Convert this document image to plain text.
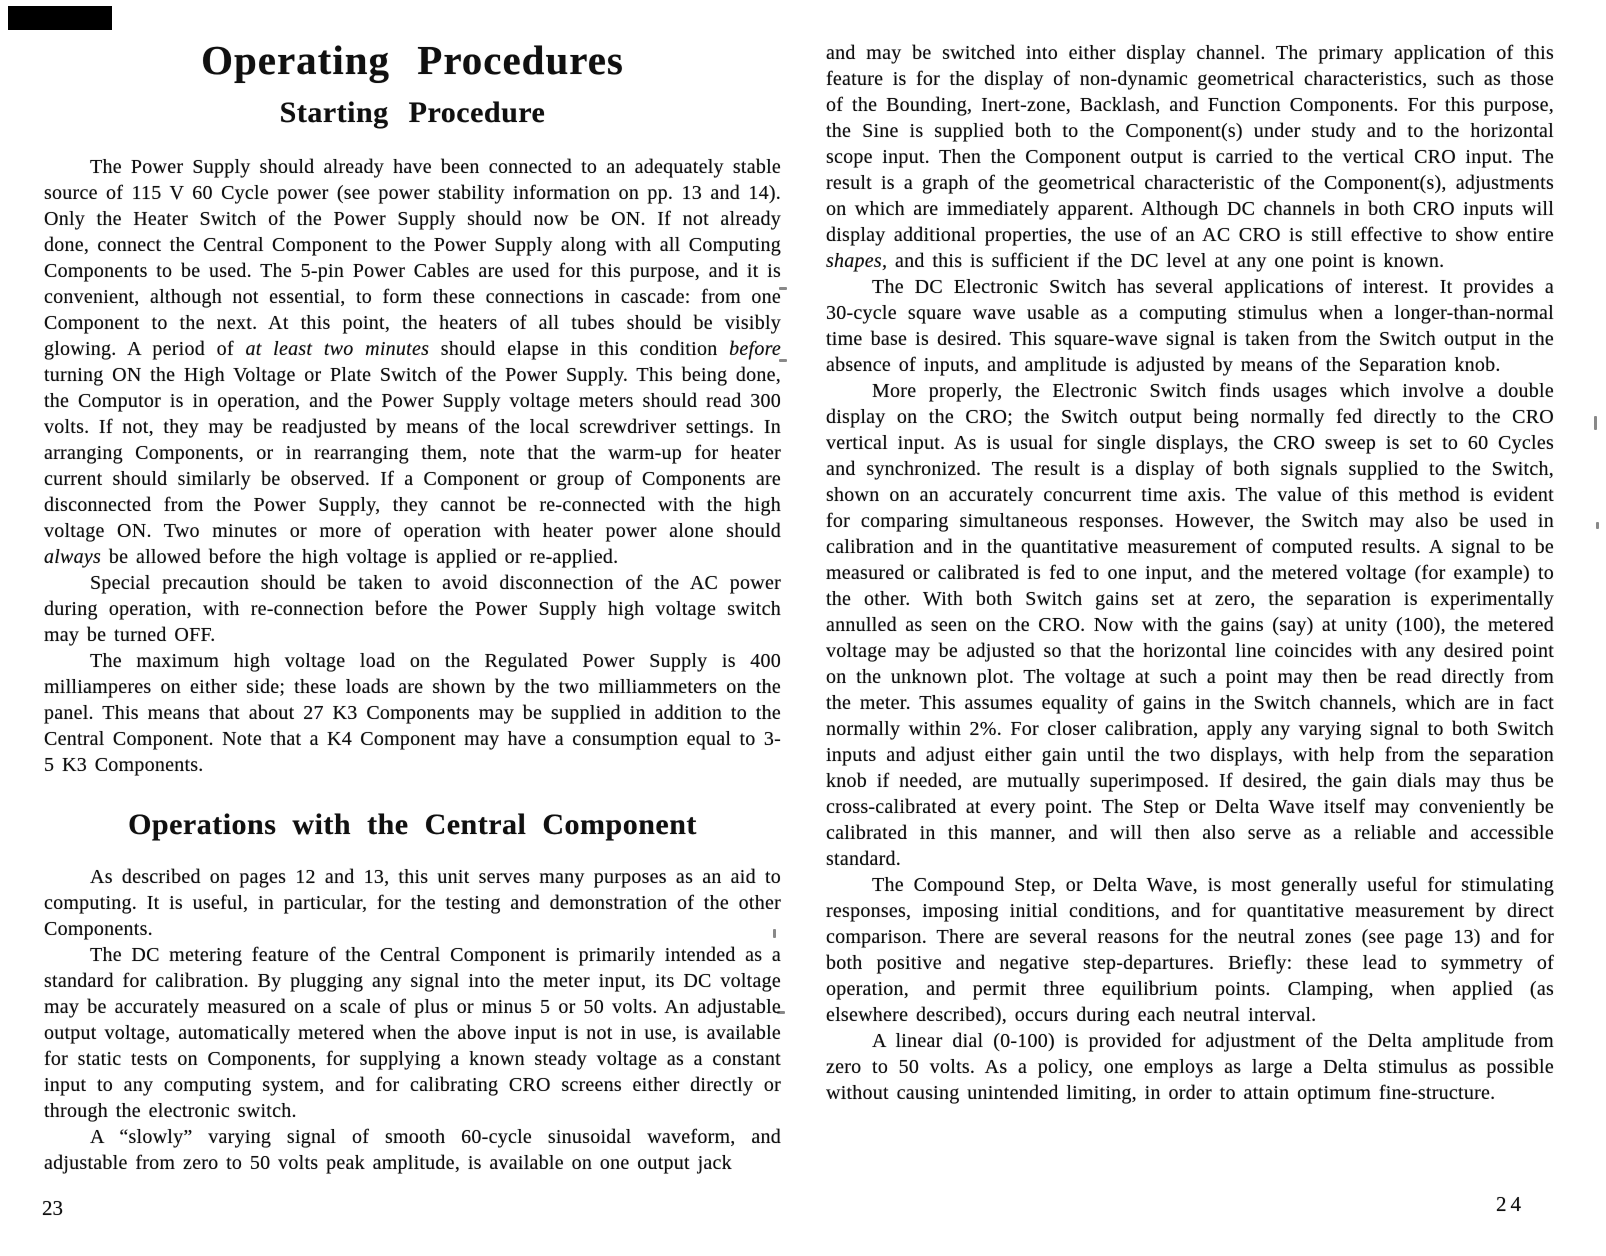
Operating Procedures
Starting Procedure

The Power Supply should already have been connected to an adequately stable source of 115 V 60 Cycle power (see power stability information on pp. 13 and 14). Only the Heater Switch of the Power Supply should now be ON. If not already done, connect the Central Component to the Power Supply along with all Computing Components to be used. The 5-pin Power Cables are used for this purpose, and it is convenient, although not essential, to form these connections in cascade: from one Component to the next. At this point, the heaters of all tubes should be visibly glowing. A period of at least two minutes should elapse in this condition before turning ON the High Voltage or Plate Switch of the Power Supply. This being done, the Computor is in operation, and the Power Supply voltage meters should read 300 volts. If not, they may be readjusted by means of the local screwdriver settings. In arranging Components, or in rearranging them, note that the warm-up for heater current should similarly be observed. If a Component or group of Components are disconnected from the Power Supply, they cannot be re-connected with the high voltage ON. Two minutes or more of operation with heater power alone should always be allowed before the high voltage is applied or re-applied.

Special precaution should be taken to avoid disconnection of the AC power during operation, with re-connection before the Power Supply high voltage switch may be turned OFF.

The maximum high voltage load on the Regulated Power Supply is 400 milliamperes on either side; these loads are shown by the two milliammeters on the panel. This means that about 27 K3 Components may be supplied in addition to the Central Component. Note that a K4 Component may have a consumption equal to 3-5 K3 Components.

Operations with the Central Component

As described on pages 12 and 13, this unit serves many purposes as an aid to computing. It is useful, in particular, for the testing and demonstration of the other Components.

The DC metering feature of the Central Component is primarily intended as a standard for calibration. By plugging any signal into the meter input, its DC voltage may be accurately measured on a scale of plus or minus 5 or 50 volts. An adjustable output voltage, automatically metered when the above input is not in use, is available for static tests on Components, for supplying a known steady voltage as a constant input to any computing system, and for calibrating CRO screens either directly or through the electronic switch.

A “slowly” varying signal of smooth 60-cycle sinusoidal waveform, and adjustable from zero to 50 volts peak amplitude, is available on one output jack

and may be switched into either display channel. The primary application of this feature is for the display of non-dynamic geometrical characteristics, such as those of the Bounding, Inert-zone, Backlash, and Function Components. For this purpose, the Sine is supplied both to the Component(s) under study and to the horizontal scope input. Then the Component output is carried to the vertical CRO input. The result is a graph of the geometrical characteristic of the Component(s), adjustments on which are immediately apparent. Although DC channels in both CRO inputs will display additional properties, the use of an AC CRO is still effective to show entire shapes, and this is sufficient if the DC level at any one point is known.

The DC Electronic Switch has several applications of interest. It provides a 30-cycle square wave usable as a computing stimulus when a longer-than-normal time base is desired. This square-wave signal is taken from the Switch output in the absence of inputs, and amplitude is adjusted by means of the Separation knob.

More properly, the Electronic Switch finds usages which involve a double display on the CRO; the Switch output being normally fed directly to the CRO vertical input. As is usual for single displays, the CRO sweep is set to 60 Cycles and synchronized. The result is a display of both signals supplied to the Switch, shown on an accurately concurrent time axis. The value of this method is evident for comparing simultaneous responses. However, the Switch may also be used in calibration and in the quantitative measurement of computed results. A signal to be measured or calibrated is fed to one input, and the metered voltage (for example) to the other. With both Switch gains set at zero, the separation is experimentally annulled as seen on the CRO. Now with the gains (say) at unity (100), the metered voltage may be adjusted so that the horizontal line coincides with any desired point on the unknown plot. The voltage at such a point may then be read directly from the meter. This assumes equality of gains in the Switch channels, which are in fact normally within 2%. For closer calibration, apply any varying signal to both Switch inputs and adjust either gain until the two displays, with help from the separation knob if needed, are mutually superimposed. If desired, the gain dials may thus be cross-calibrated at every point. The Step or Delta Wave itself may conveniently be calibrated in this manner, and will then also serve as a reliable and accessible standard.

The Compound Step, or Delta Wave, is most generally useful for stimulating responses, imposing initial conditions, and for quantitative measurement by direct comparison. There are several reasons for the neutral zones (see page 13) and for both positive and negative step-departures. Briefly: these lead to symmetry of operation, and permit three equilibrium points. Clamping, when applied (as elsewhere described), occurs during each neutral interval.

A linear dial (0-100) is provided for adjustment of the Delta amplitude from zero to 50 volts. As a policy, one employs as large a Delta stimulus as possible without causing unintended limiting, in order to attain optimum fine-structure.

23	24
